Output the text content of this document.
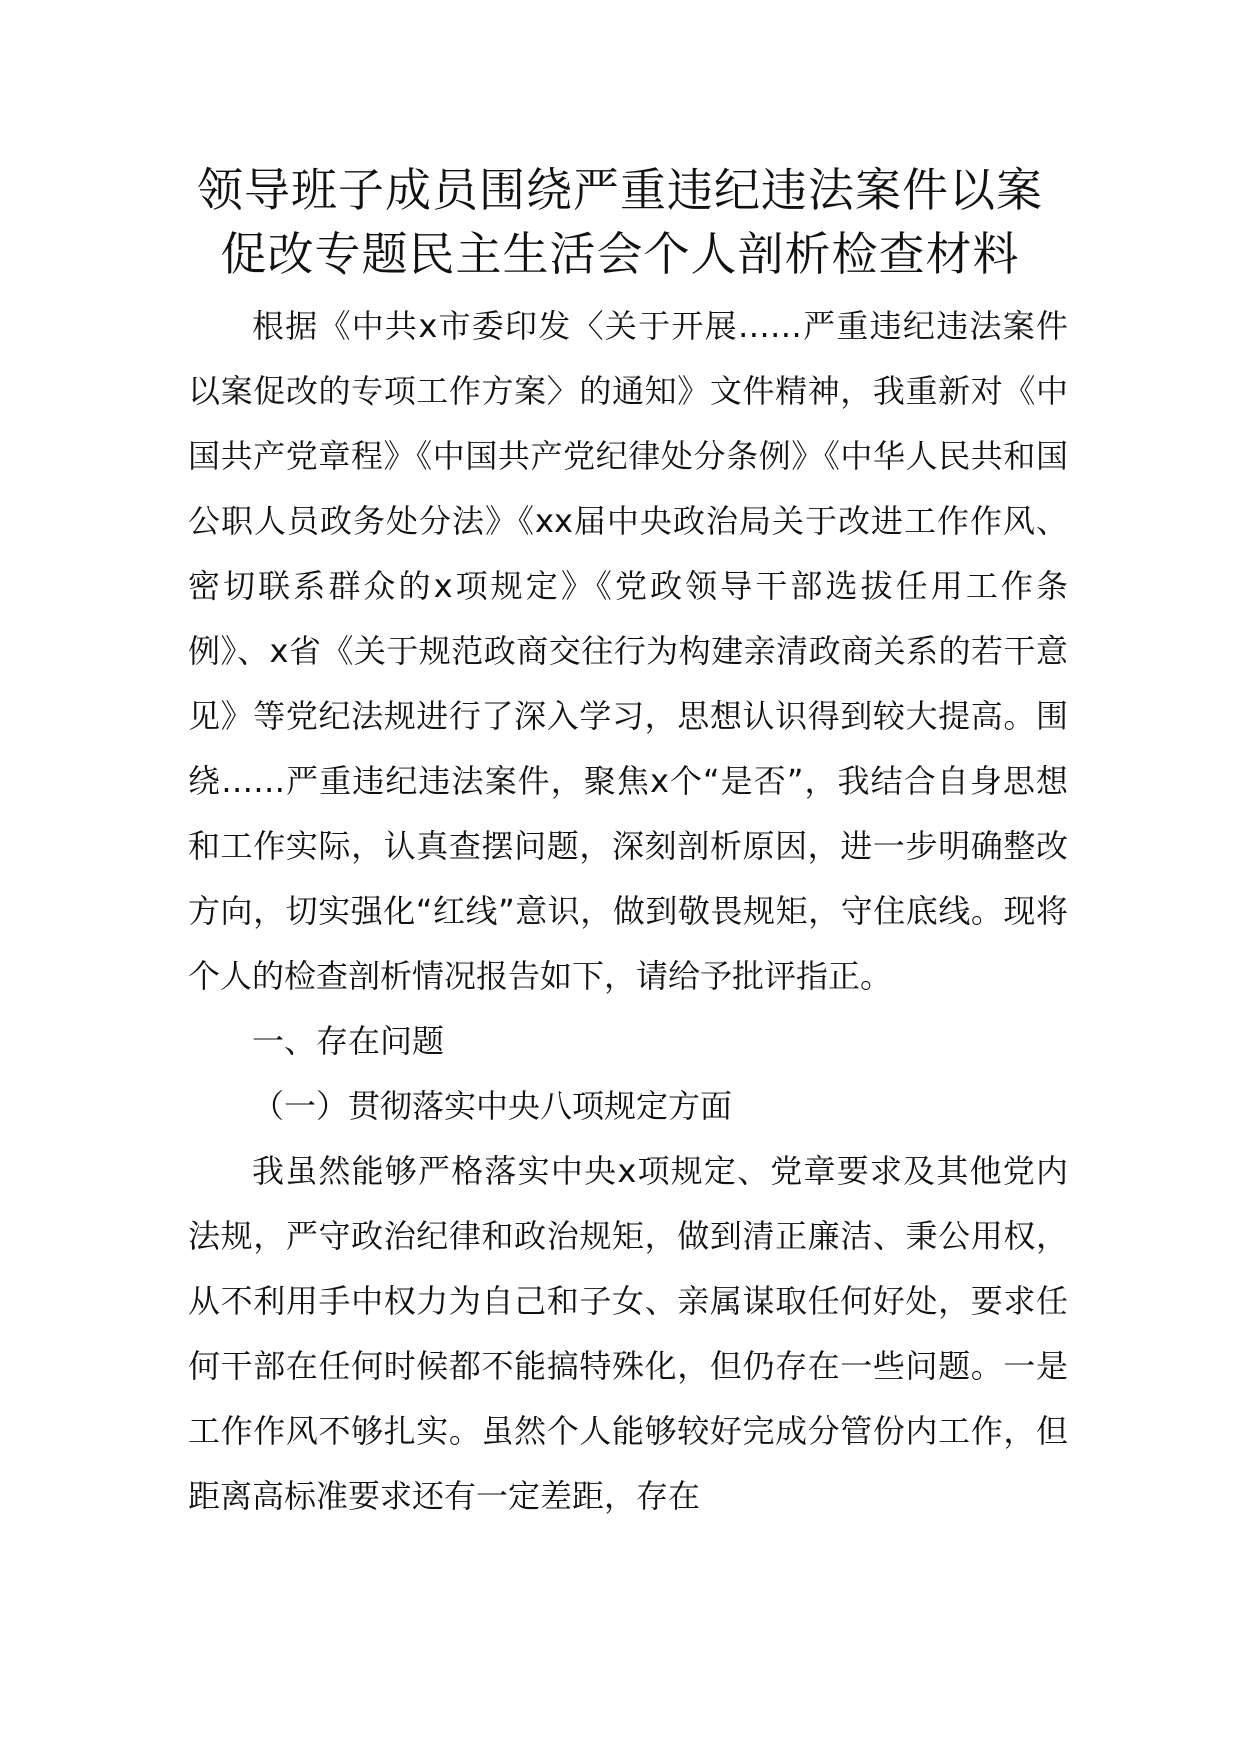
领导班子成员围绕严重违纪违法案件以案
促改专题民主生活会个人剖析检查材料

根据《中共x市委印发〈关于开展……严重违纪违法案件以案促改的专项工作方案〉的通知》文件精神，我重新对《中国共产党章程》《中国共产党纪律处分条例》《中华人民共和国公职人员政务处分法》《xx届中央政治局关于改进工作作风、密切联系群众的x项规定》《党政领导干部选拔任用工作条例》、x省《关于规范政商交往行为构建亲清政商关系的若干意见》等党纪法规进行了深入学习，思想认识得到较大提高。围绕……严重违纪违法案件，聚焦x个“是否”，我结合自身思想和工作实际，认真查摆问题，深刻剖析原因，进一步明确整改方向，切实强化“红线”意识，做到敬畏规矩，守住底线。现将个人的检查剖析情况报告如下，请给予批评指正。

一、存在问题

（一）贯彻落实中央八项规定方面

我虽然能够严格落实中央x项规定、党章要求及其他党内法规，严守政治纪律和政治规矩，做到清正廉洁、秉公用权，从不利用手中权力为自己和子女、亲属谋取任何好处，要求任何干部在任何时候都不能搞特殊化，但仍存在一些问题。一是工作作风不够扎实。虽然个人能够较好完成分管份内工作，但距离高标准要求还有一定差距，存在
